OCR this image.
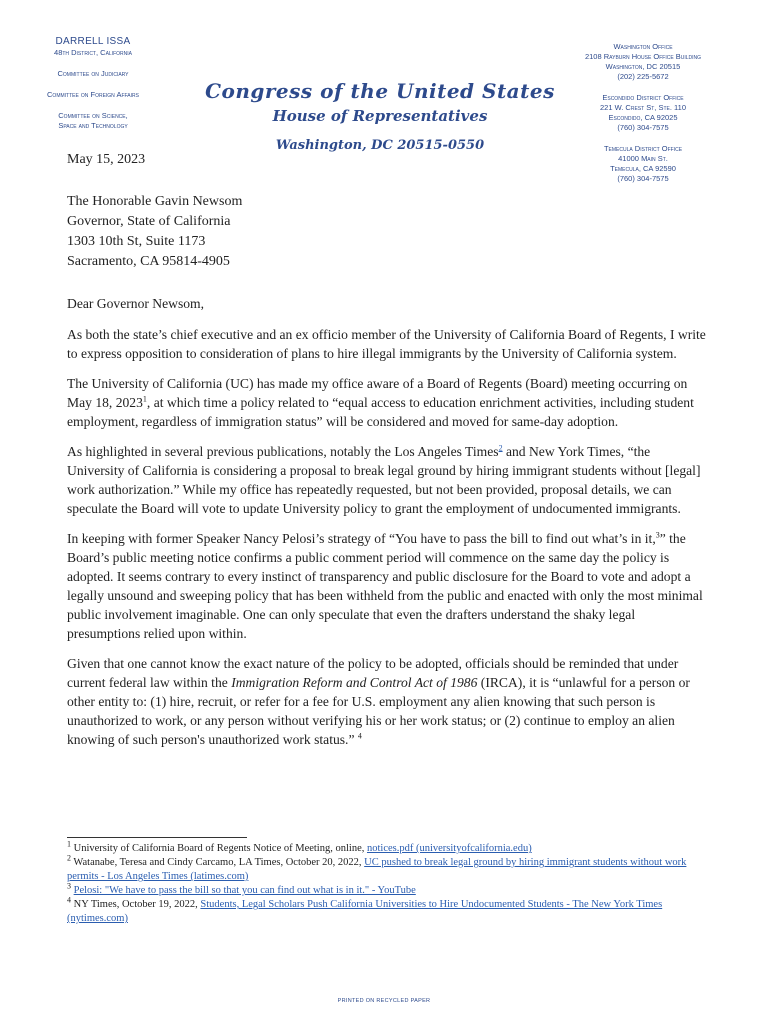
DARRELL ISSA
48th District, California
Committee on Judiciary
Committee on Foreign Affairs
Committee on Science,
Space and Technology
Congress of the United States
House of Representatives
Washington, DC 20515-0550
Washington Office
2108 Rayburn House Office Building
Washington, DC 20515
(202) 225-5672
Escondido District Office
221 W. Crest St, Ste. 110
Escondido, CA 92025
(760) 304-7575
Temecula District Office
41000 Main St.
Temecula, CA 92590
(760) 304-7575
May 15, 2023
The Honorable Gavin Newsom
Governor, State of California
1303 10th St, Suite 1173
Sacramento, CA 95814-4905

Dear Governor Newsom,

As both the state’s chief executive and an ex officio member of the University of California Board of Regents, I write to express opposition to consideration of plans to hire illegal immigrants by the University of California system.

The University of California (UC) has made my office aware of a Board of Regents (Board) meeting occurring on May 18, 2023$^1$, at which time a policy related to “equal access to education enrichment activities, including student employment, regardless of immigration status” will be considered and moved for same-day adoption.

As highlighted in several previous publications, notably the Los Angeles Times$^2$ and New York Times, “the University of California is considering a proposal to break legal ground by hiring immigrant students without [legal] work authorization.” While my office has repeatedly requested, but not been provided, proposal details, we can speculate the Board will vote to update University policy to grant the employment of undocumented immigrants.

In keeping with former Speaker Nancy Pelosi’s strategy of “You have to pass the bill to find out what’s in it,$^3$” the Board’s public meeting notice confirms a public comment period will commence on the same day the policy is adopted. It seems contrary to every instinct of transparency and public disclosure for the Board to vote and adopt a legally unsound and sweeping policy that has been withheld from the public and enacted with only the most minimal public involvement imaginable. One can only speculate that even the drafters understand the shaky legal presumptions relied upon within.

Given that one cannot know the exact nature of the policy to be adopted, officials should be reminded that under current federal law within the Immigration Reform and Control Act of 1986 (IRCA), it is “unlawful for a person or other entity to: (1) hire, recruit, or refer for a fee for U.S. employment any alien knowing that such person is unauthorized to work, or any person without verifying his or her work status; or (2) continue to employ an alien knowing of such person's unauthorized work status.” $^4$

$^1$ University of California Board of Regents Notice of Meeting, online, notices.pdf (universityofcalifornia.edu)
$^2$ Watanabe, Teresa and Cindy Carcamo, LA Times, October 20, 2022, UC pushed to break legal ground by hiring immigrant students without work permits - Los Angeles Times (latimes.com)
$^3$ Pelosi: "We have to pass the bill so that you can find out what is in it." - YouTube
$^4$ NY Times, October 19, 2022, Students, Legal Scholars Push California Universities to Hire Undocumented Students - The New York Times (nytimes.com)
PRINTED ON RECYCLED PAPER
